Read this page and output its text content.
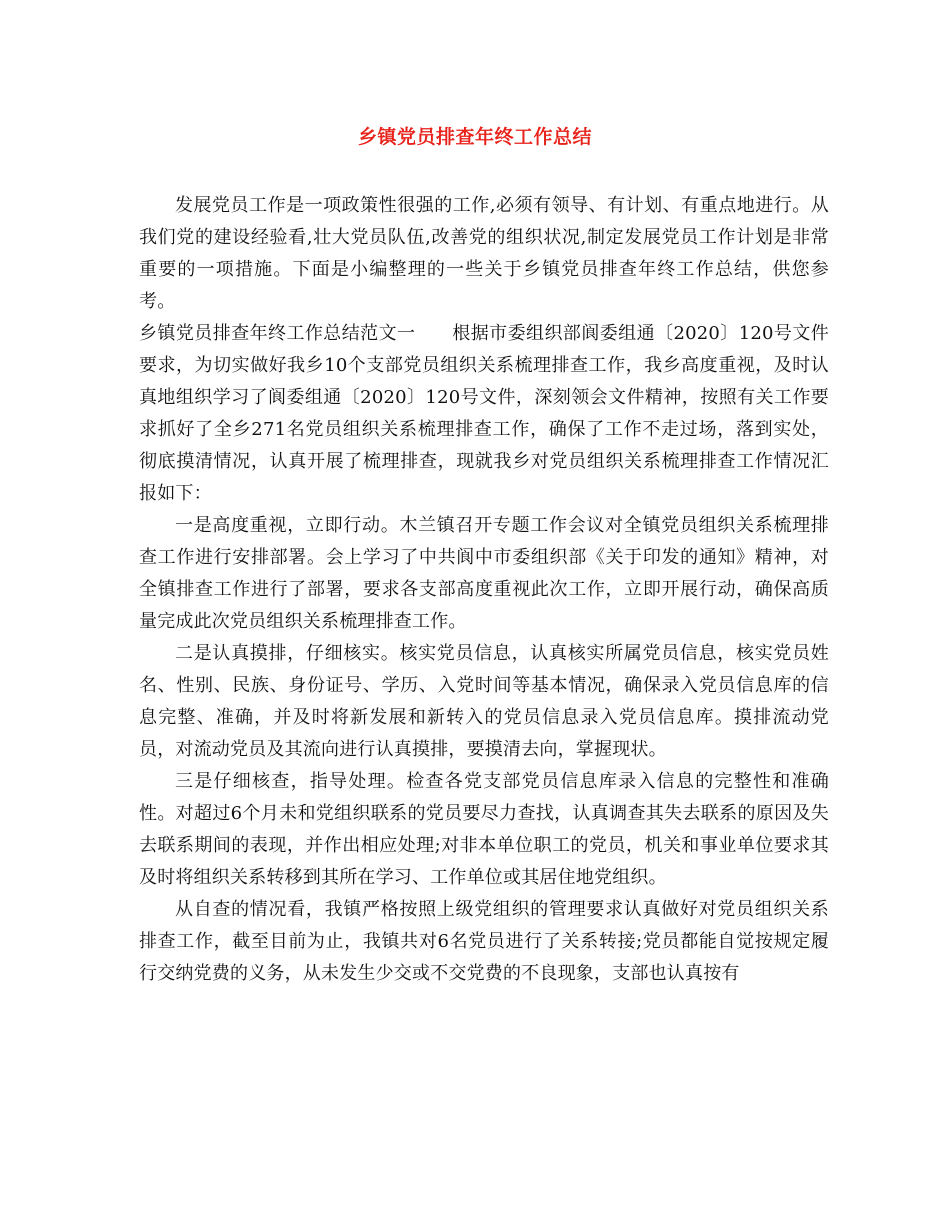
乡镇党员排查年终工作总结

发展党员工作是一项政策性很强的工作,必须有领导、有计划、有重点地进行。从我们党的建设经验看,壮大党员队伍,改善党的组织状况,制定发展党员工作计划是非常重要的一项措施。下面是小编整理的一些关于乡镇党员排查年终工作总结，供您参考。

乡镇党员排查年终工作总结范文一　　根据市委组织部阆委组通〔2020〕120号文件要求，为切实做好我乡10个支部党员组织关系梳理排查工作，我乡高度重视，及时认真地组织学习了阆委组通〔2020〕120号文件，深刻领会文件精神，按照有关工作要求抓好了全乡271名党员组织关系梳理排查工作，确保了工作不走过场，落到实处，彻底摸清情况，认真开展了梳理排查，现就我乡对党员组织关系梳理排查工作情况汇报如下：

一是高度重视，立即行动。木兰镇召开专题工作会议对全镇党员组织关系梳理排查工作进行安排部署。会上学习了中共阆中市委组织部《关于印发的通知》精神，对全镇排查工作进行了部署，要求各支部高度重视此次工作，立即开展行动，确保高质量完成此次党员组织关系梳理排查工作。

二是认真摸排，仔细核实。核实党员信息，认真核实所属党员信息，核实党员姓名、性别、民族、身份证号、学历、入党时间等基本情况，确保录入党员信息库的信息完整、准确，并及时将新发展和新转入的党员信息录入党员信息库。摸排流动党员，对流动党员及其流向进行认真摸排，要摸清去向，掌握现状。

三是仔细核查，指导处理。检查各党支部党员信息库录入信息的完整性和准确性。对超过6个月未和党组织联系的党员要尽力查找，认真调查其失去联系的原因及失去联系期间的表现，并作出相应处理;对非本单位职工的党员，机关和事业单位要求其及时将组织关系转移到其所在学习、工作单位或其居住地党组织。

从自查的情况看，我镇严格按照上级党组织的管理要求认真做好对党员组织关系排查工作，截至目前为止，我镇共对6名党员进行了关系转接;党员都能自觉按规定履行交纳党费的义务，从未发生少交或不交党费的不良现象，支部也认真按有
